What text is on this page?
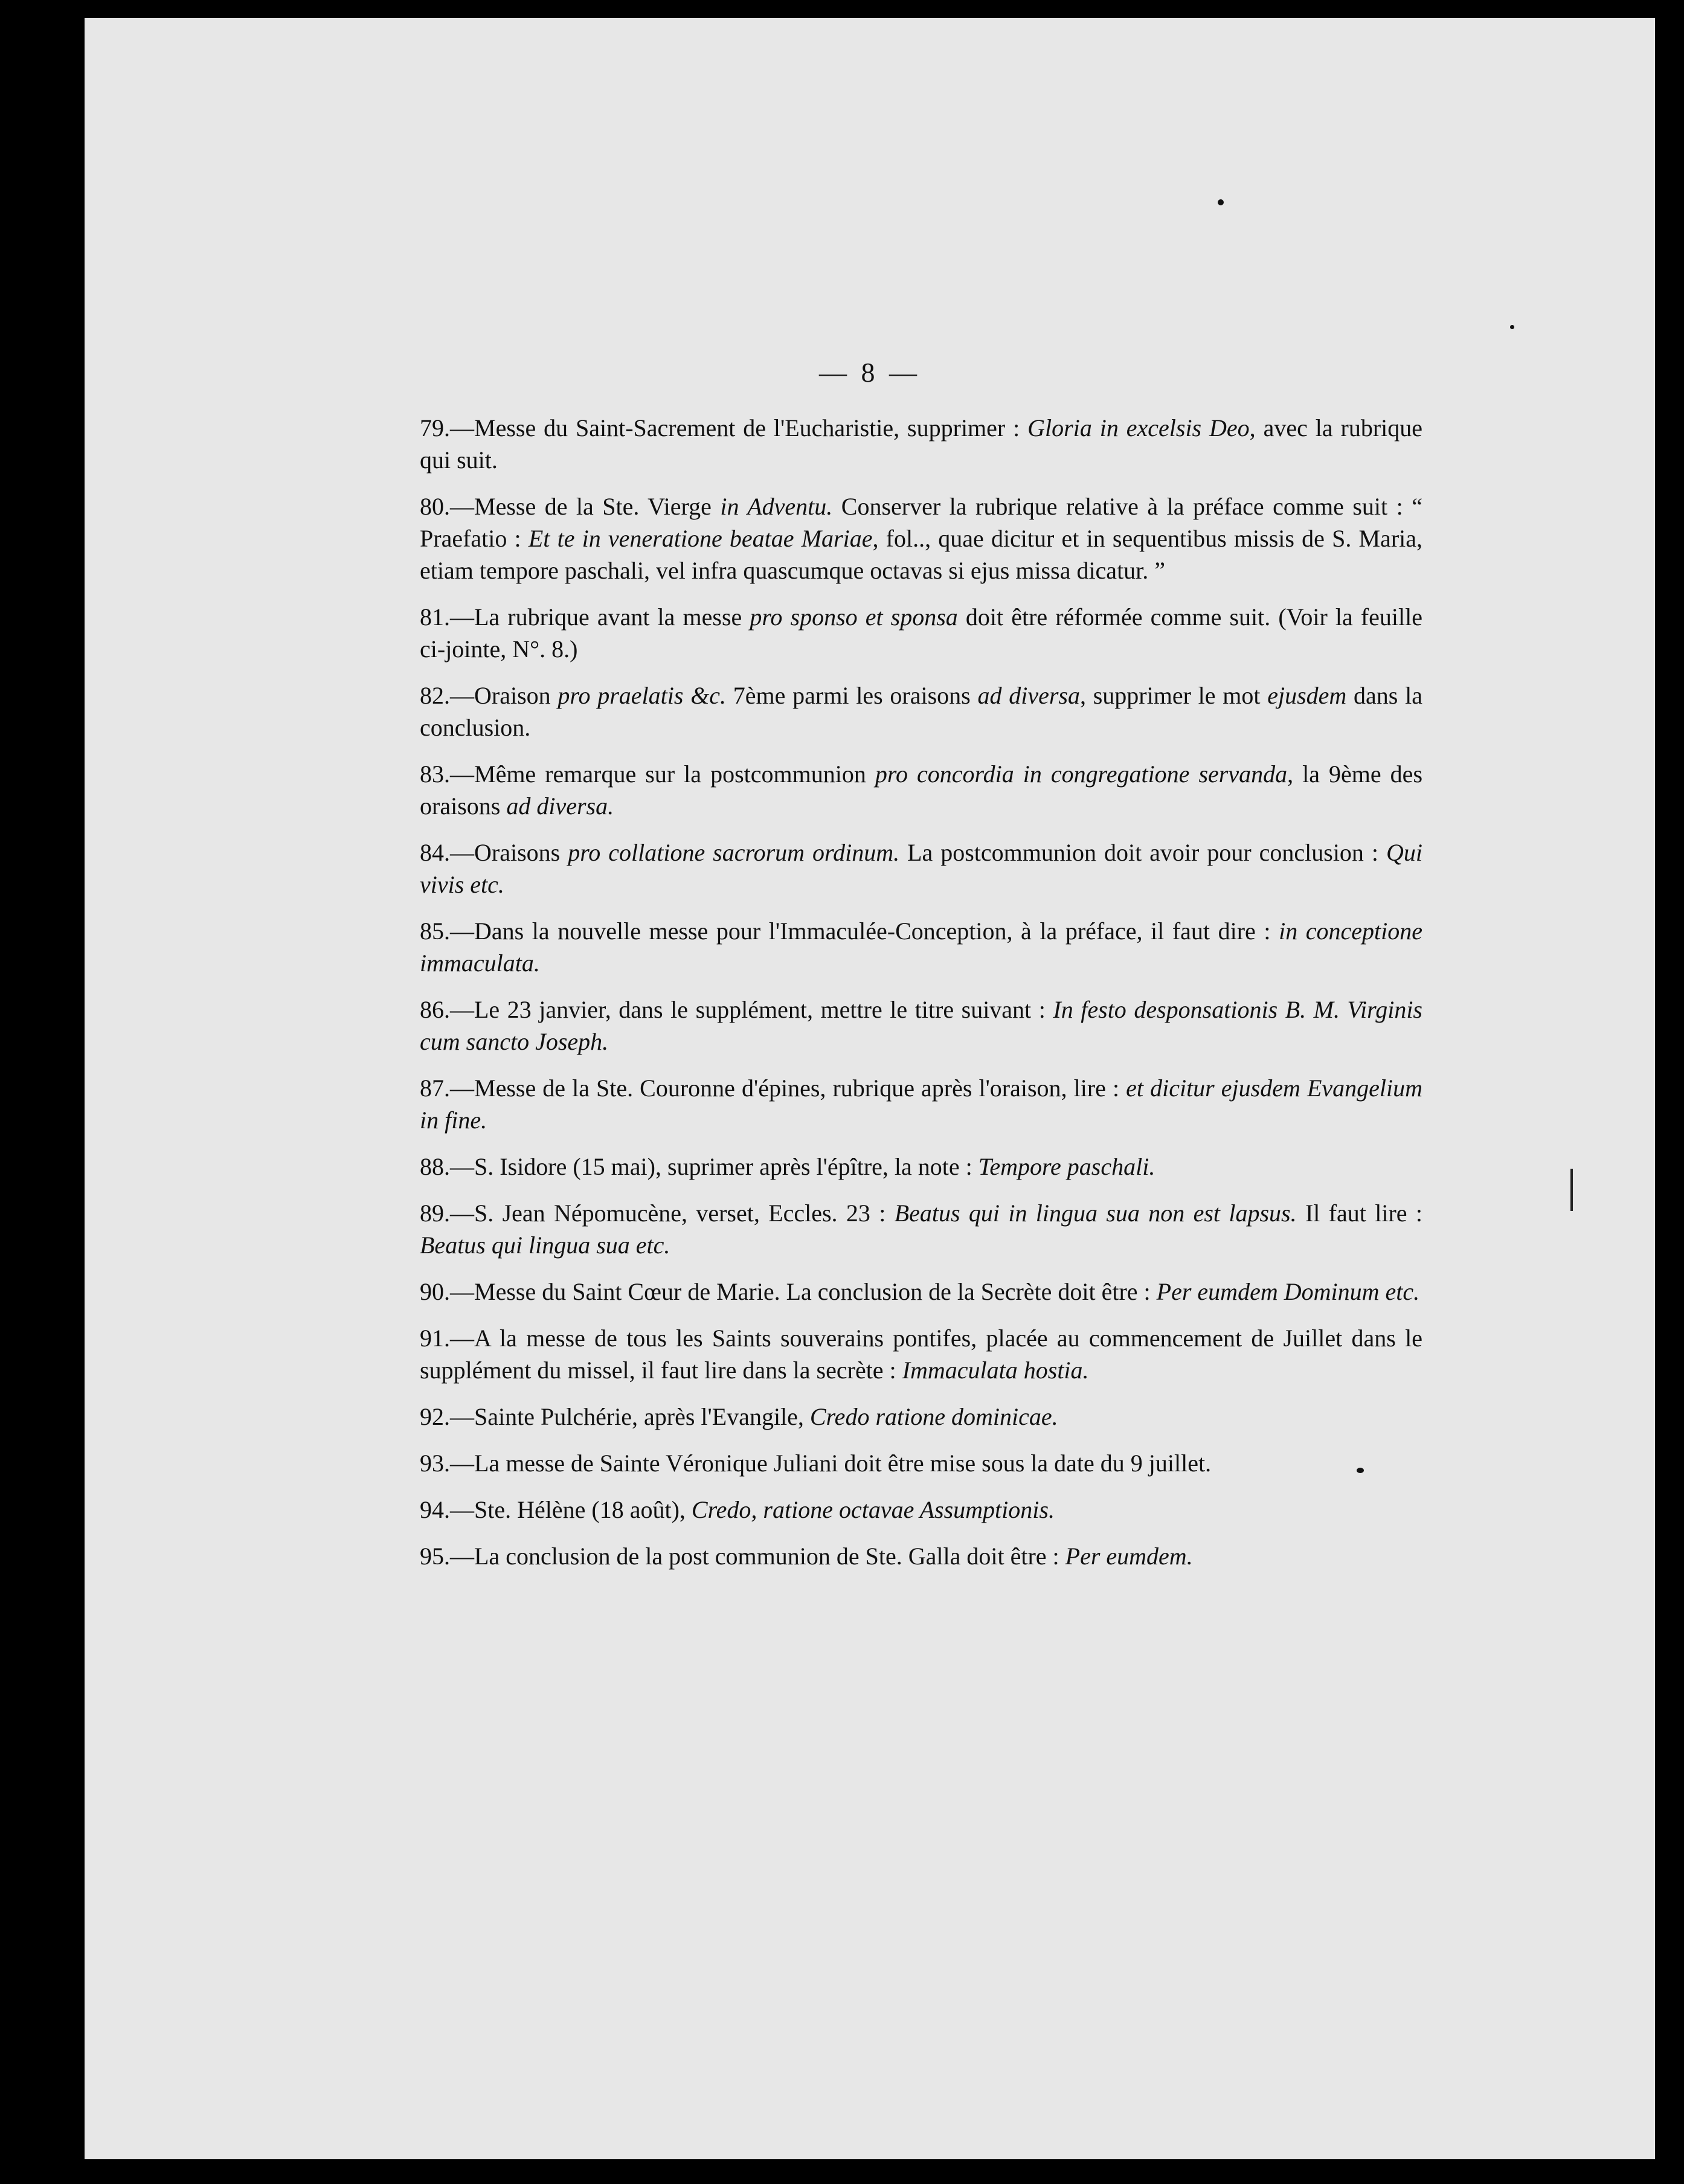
— 8 —

79.—Messe du Saint-Sacrement de l'Eucharistie, supprimer : Gloria in excelsis Deo, avec la rubrique qui suit.

80.—Messe de la Ste. Vierge in Adventu. Conserver la rubrique relative à la préface comme suit : “ Praefatio : Et te in veneratione beatae Mariae, fol.., quae dicitur et in sequentibus missis de S. Maria, etiam tempore paschali, vel infra quascumque octavas si ejus missa dicatur. ”

81.—La rubrique avant la messe pro sponso et sponsa doit être réformée comme suit. (Voir la feuille ci-jointe, N°. 8.)

82.—Oraison pro praelatis &c. 7ème parmi les oraisons ad diversa, supprimer le mot ejusdem dans la conclusion.

83.—Même remarque sur la postcommunion pro concordia in congregatione servanda, la 9ème des oraisons ad diversa.

84.—Oraisons pro collatione sacrorum ordinum. La postcommunion doit avoir pour conclusion : Qui vivis etc.

85.—Dans la nouvelle messe pour l'Immaculée-Conception, à la préface, il faut dire : in conceptione immaculata.

86.—Le 23 janvier, dans le supplément, mettre le titre suivant : In festo desponsationis B. M. Virginis cum sancto Joseph.

87.—Messe de la Ste. Couronne d'épines, rubrique après l'oraison, lire : et dicitur ejusdem Evangelium in fine.

88.—S. Isidore (15 mai), suprimer après l'épître, la note : Tempore paschali.

89.—S. Jean Népomucène, verset, Eccles. 23 : Beatus qui in lingua sua non est lapsus. Il faut lire : Beatus qui lingua sua etc.

90.—Messe du Saint Cœur de Marie. La conclusion de la Secrète doit être : Per eumdem Dominum etc.

91.—A la messe de tous les Saints souverains pontifes, placée au commencement de Juillet dans le supplément du missel, il faut lire dans la secrète : Immaculata hostia.

92.—Sainte Pulchérie, après l'Evangile, Credo ratione dominicae.

93.—La messe de Sainte Véronique Juliani doit être mise sous la date du 9 juillet.

94.—Ste. Hélène (18 août), Credo, ratione octavae Assumptionis.

95.—La conclusion de la post communion de Ste. Galla doit être : Per eumdem.
